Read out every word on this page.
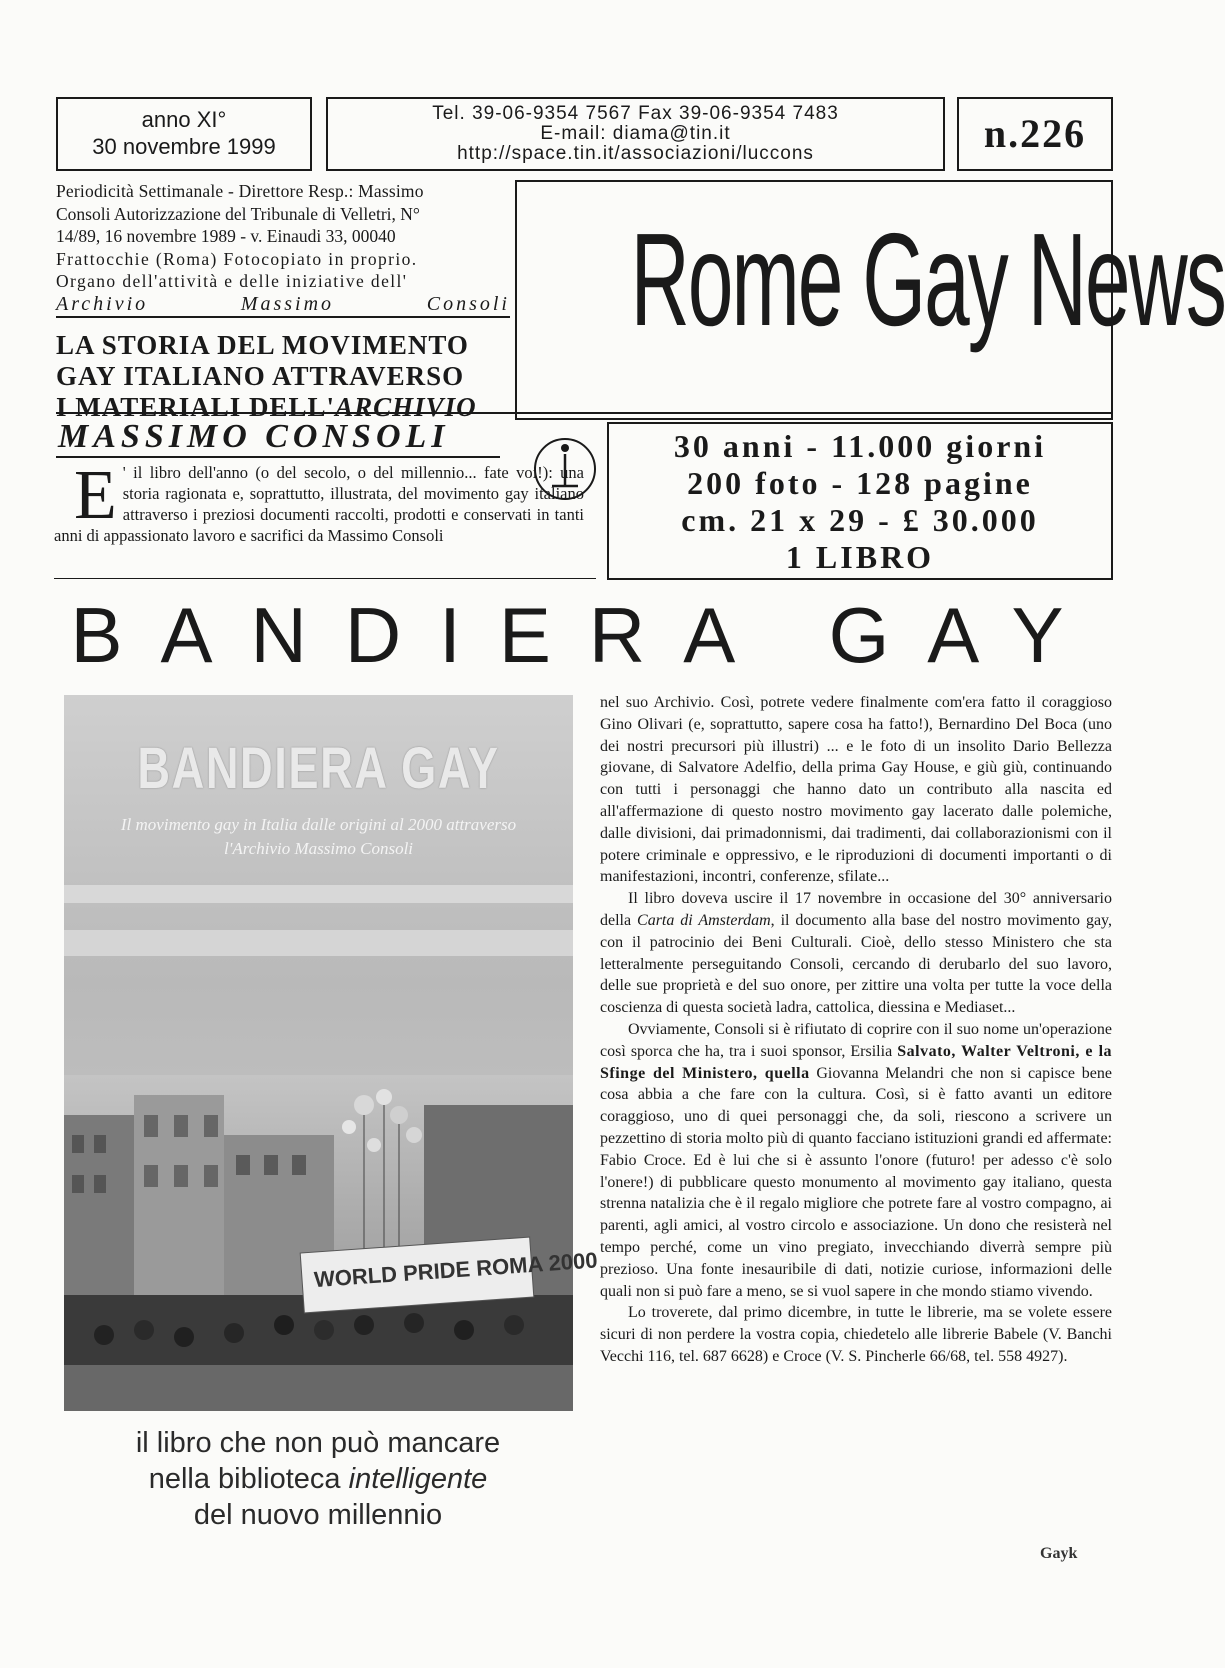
anno XI°
30 novembre 1999
Tel. 39-06-9354 7567 Fax 39-06-9354 7483
E-mail: diama@tin.it
http://space.tin.it/associazioni/luccons	n.226
Periodicità Settimanale - Direttore Resp.: Massimo
Consoli Autorizzazione del Tribunale di Velletri, N°
14/89, 16 novembre 1989 - v. Einaudi 33, 00040
Frattocchie (Roma) Fotocopiato in proprio.
Organo dell'attività e delle iniziative dell'
Archivio	Massimo	Consoli Rome Gay News
LA STORIA DEL MOVIMENTO
GAY ITALIANO ATTRAVERSO
I MATERIALI DELL'ARCHIVIO
MASSIMO CONSOLI
E ' il libro dell'anno (o del secolo, o del millennio... fate voi!): una storia ragionata e, soprattutto, illustrata, del movimento gay italiano attraverso i preziosi documenti raccolti, prodotti e conservati in tanti anni di appassionato lavoro e sacrifici da Massimo Consoli
30 anni - 11.000 giorni
200 foto - 128 pagine
cm. 21 x 29 - £ 30.000
1 LIBRO
BANDIERA GAY
BANDIERA GAY
Il movimento gay in Italia dalle origini al 2000 attraverso
l'Archivio Massimo Consoli
WORLD PRIDE ROMA 2000
il libro che non può mancare
nella biblioteca intelligente
del nuovo millennio

nel suo Archivio. Così, potrete vedere finalmente com'era fatto il coraggioso Gino Olivari (e, soprattutto, sapere cosa ha fatto!), Bernardino Del Boca (uno dei nostri precursori più illustri) ... e le foto di un insolito Dario Bellezza giovane, di Salvatore Adelfio, della prima Gay House, e giù giù, continuando con tutti i personaggi che hanno dato un contributo alla nascita ed all'affermazione di questo nostro movimento gay lacerato dalle polemiche, dalle divisioni, dai primadonnismi, dai tradimenti, dai collaborazionismi con il potere criminale e oppressivo, e le riproduzioni di documenti importanti o di manifestazioni, incontri, conferenze, sfilate...

Il libro doveva uscire il 17 novembre in occasione del 30° anniversario della Carta di Amsterdam, il documento alla base del nostro movimento gay, con il patrocinio dei Beni Culturali. Cioè, dello stesso Ministero che sta letteralmente perseguitando Consoli, cercando di derubarlo del suo lavoro, delle sue proprietà e del suo onore, per zittire una volta per tutte la voce della coscienza di questa società ladra, cattolica, diessina e Mediaset...

Ovviamente, Consoli si è rifiutato di coprire con il suo nome un'operazione così sporca che ha, tra i suoi sponsor, Ersilia Salvato, Walter Veltroni, e la Sfinge del Ministero, quella Giovanna Melandri che non si capisce bene cosa abbia a che fare con la cultura. Così, si è fatto avanti un editore coraggioso, uno di quei personaggi che, da soli, riescono a scrivere un pezzettino di storia molto più di quanto facciano istituzioni grandi ed affermate: Fabio Croce. Ed è lui che si è assunto l'onore (futuro! per adesso c'è solo l'onere!) di pubblicare questo monumento al movimento gay italiano, questa strenna natalizia che è il regalo migliore che potrete fare al vostro compagno, ai parenti, agli amici, al vostro circolo e associazione. Un dono che resisterà nel tempo perché, come un vino pregiato, invecchiando diverrà sempre più prezioso. Una fonte inesauribile di dati, notizie curiose, informazioni delle quali non si può fare a meno, se si vuol sapere in che mondo stiamo vivendo.

Lo troverete, dal primo dicembre, in tutte le librerie, ma se volete essere sicuri di non perdere la vostra copia, chiedetelo alle librerie Babele (V. Banchi Vecchi 116, tel. 687 6628) e Croce (V. S. Pincherle 66/68, tel. 558 4927).

Gayk
